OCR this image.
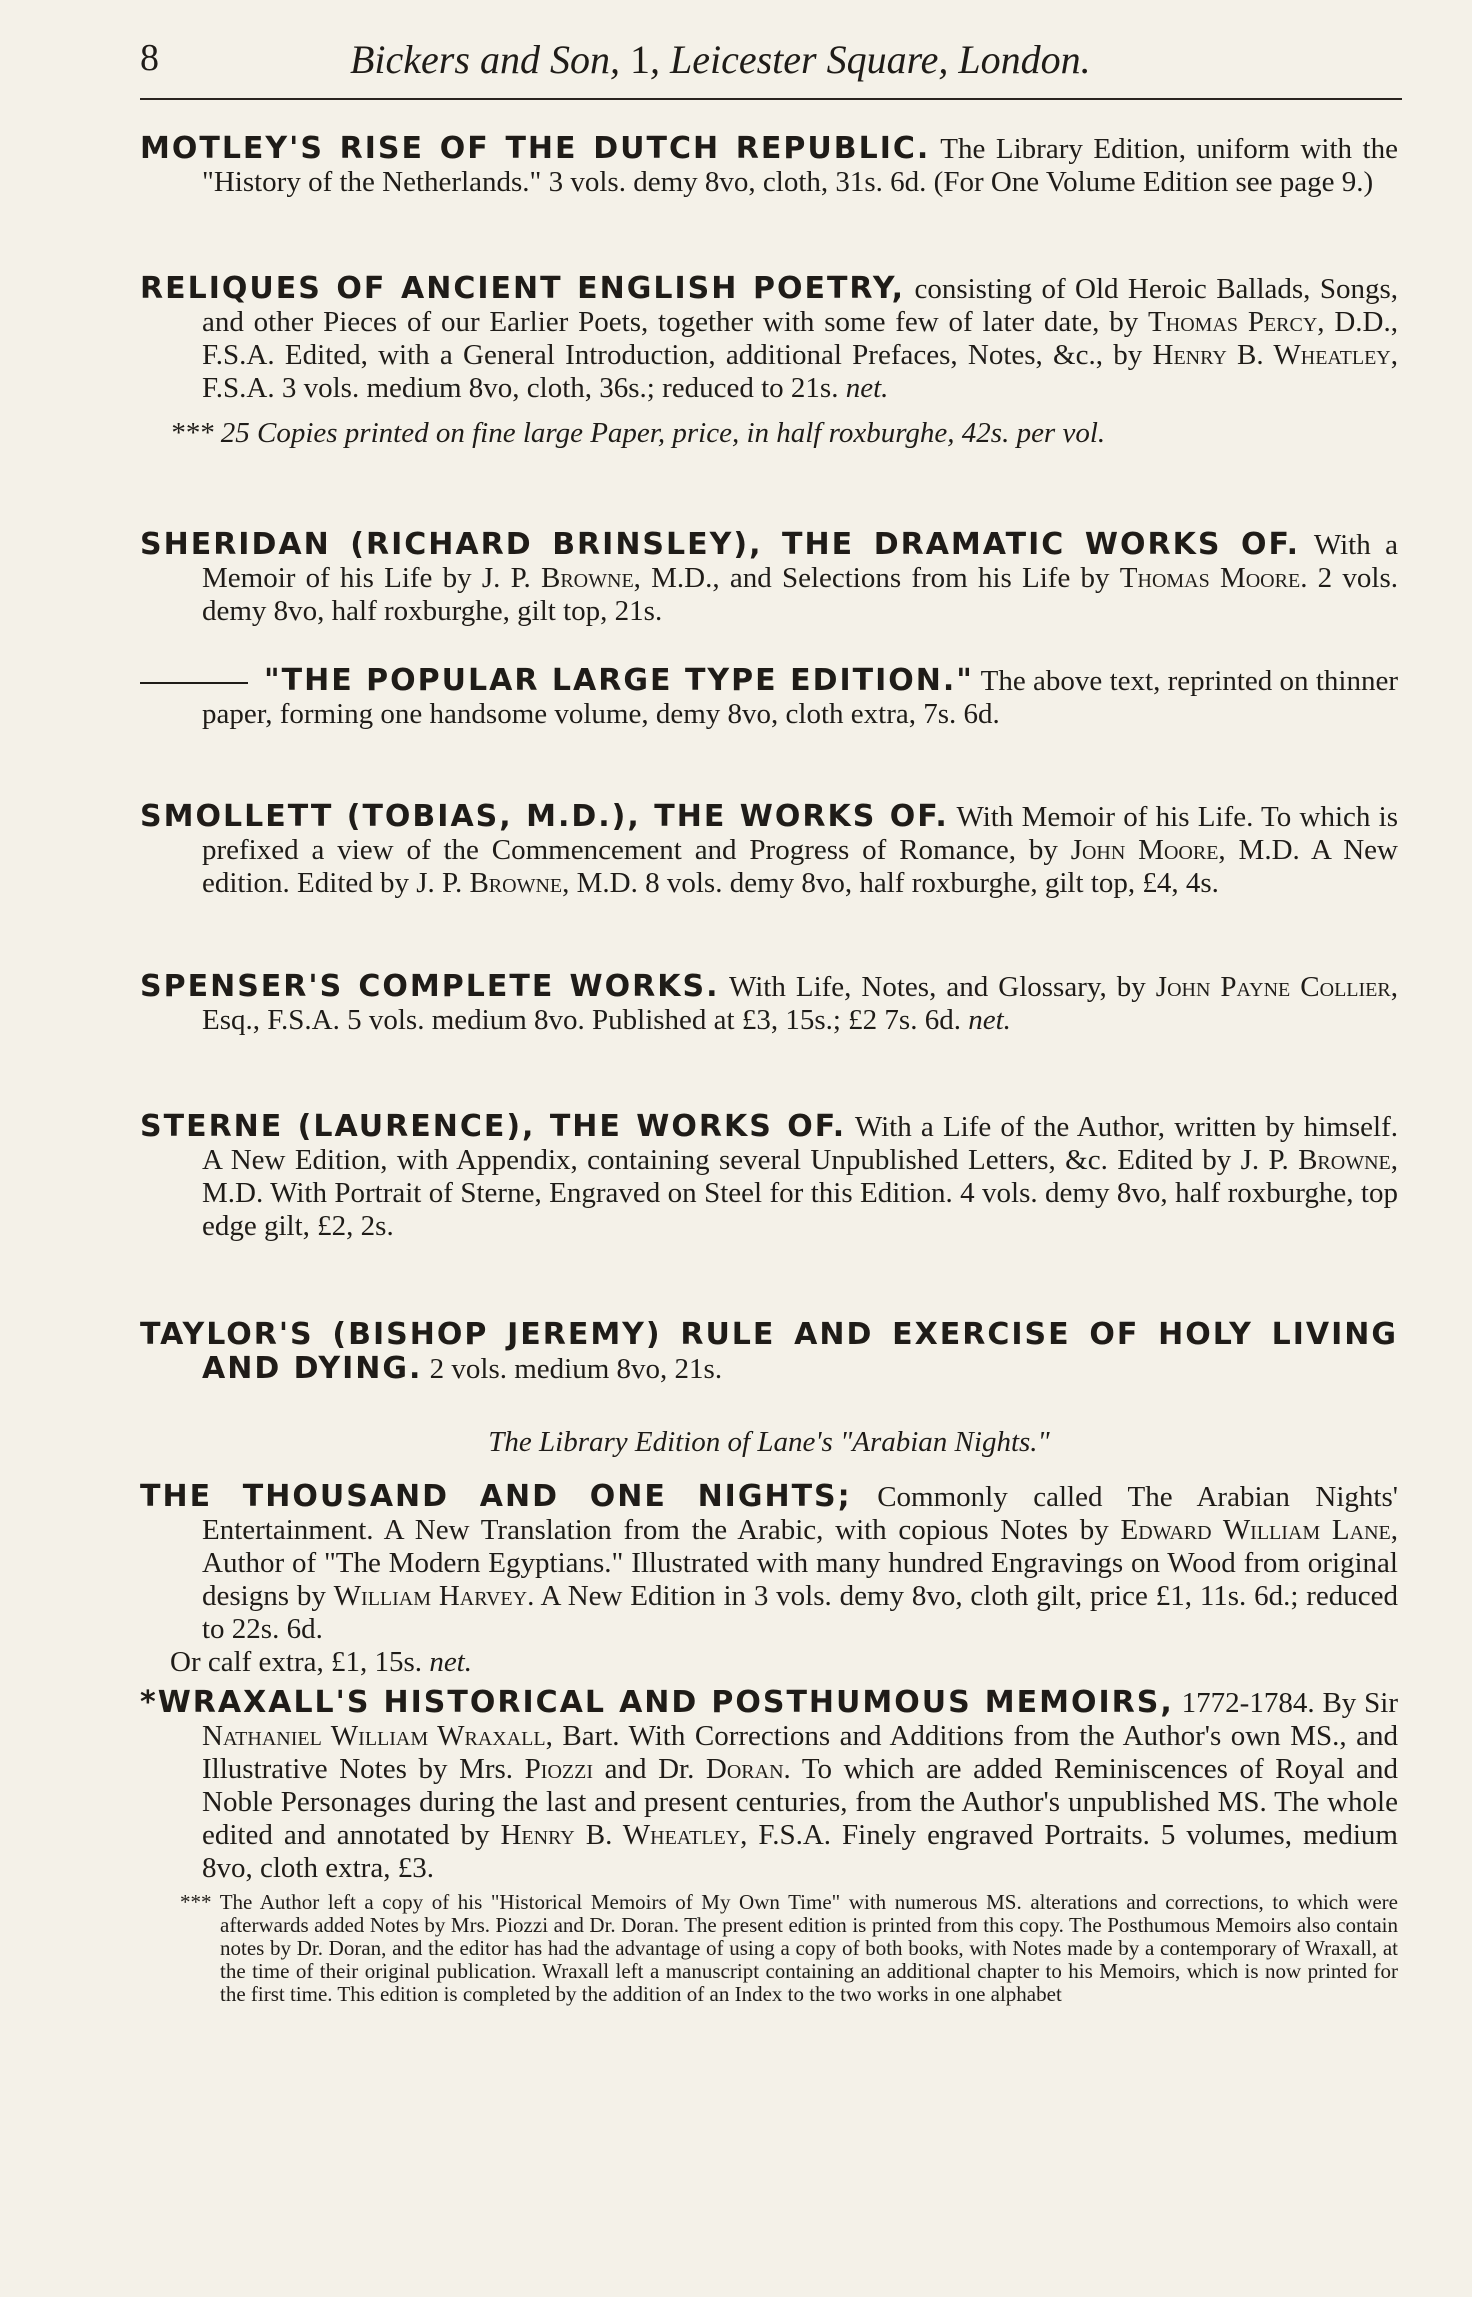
8	Bickers and Son, 1, Leicester Square, London.
MOTLEY'S RISE OF THE DUTCH REPUBLIC. The Library Edition, uniform with the "History of the Netherlands." 3 vols. demy 8vo, cloth, 31s. 6d. (For One Volume Edition see page 9.)
RELIQUES OF ANCIENT ENGLISH POETRY, consisting of Old Heroic Ballads, Songs, and other Pieces of our Earlier Poets, together with some few of later date, by Thomas Percy, D.D., F.S.A. Edited, with a General Introduction, additional Prefaces, Notes, &c., by Henry B. Wheatley, F.S.A. 3 vols. medium 8vo, cloth, 36s.; reduced to 21s. net.
*** 25 Copies printed on fine large Paper, price, in half roxburghe, 42s. per vol.
SHERIDAN (RICHARD BRINSLEY), THE DRAMATIC WORKS OF. With a Memoir of his Life by J. P. Browne, M.D., and Selections from his Life by Thomas Moore. 2 vols. demy 8vo, half roxburghe, gilt top, 21s.
"THE POPULAR LARGE TYPE EDITION." The above text, reprinted on thinner paper, forming one handsome volume, demy 8vo, cloth extra, 7s. 6d.
SMOLLETT (TOBIAS, M.D.), THE WORKS OF. With Memoir of his Life. To which is prefixed a view of the Commencement and Progress of Romance, by John Moore, M.D. A New edition. Edited by J. P. Browne, M.D. 8 vols. demy 8vo, half roxburghe, gilt top, £4, 4s.
SPENSER'S COMPLETE WORKS. With Life, Notes, and Glossary, by John Payne Collier, Esq., F.S.A. 5 vols. medium 8vo. Published at £3, 15s.; £2 7s. 6d. net.
STERNE (LAURENCE), THE WORKS OF. With a Life of the Author, written by himself. A New Edition, with Appendix, containing several Unpublished Letters, &c. Edited by J. P. Browne, M.D. With Portrait of Sterne, Engraved on Steel for this Edition. 4 vols. demy 8vo, half roxburghe, top edge gilt, £2, 2s.
TAYLOR'S (BISHOP JEREMY) RULE AND EXERCISE OF HOLY LIVING AND DYING. 2 vols. medium 8vo, 21s.
The Library Edition of Lane's "Arabian Nights."
THE THOUSAND AND ONE NIGHTS; Commonly called The Arabian Nights' Entertainment. A New Translation from the Arabic, with copious Notes by Edward William Lane, Author of "The Modern Egyptians." Illustrated with many hundred Engravings on Wood from original designs by William Harvey. A New Edition in 3 vols. demy 8vo, cloth gilt, price £1, 11s. 6d.; reduced to 22s. 6d.
Or calf extra, £1, 15s. net.
*WRAXALL'S HISTORICAL AND POSTHUMOUS MEMOIRS, 1772-1784. By Sir Nathaniel William Wraxall, Bart. With Corrections and Additions from the Author's own MS., and Illustrative Notes by Mrs. Piozzi and Dr. Doran. To which are added Reminiscences of Royal and Noble Personages during the last and present centuries, from the Author's unpublished MS. The whole edited and annotated by Henry B. Wheatley, F.S.A. Finely engraved Portraits. 5 volumes, medium 8vo, cloth extra, £3.
*** The Author left a copy of his "Historical Memoirs of My Own Time" with numerous MS. alterations and corrections, to which were afterwards added Notes by Mrs. Piozzi and Dr. Doran. The present edition is printed from this copy. The Posthumous Memoirs also contain notes by Dr. Doran, and the editor has had the advantage of using a copy of both books, with Notes made by a contemporary of Wraxall, at the time of their original publication. Wraxall left a manuscript containing an additional chapter to his Memoirs, which is now printed for the first time. This edition is completed by the addition of an Index to the two works in one alphabet
